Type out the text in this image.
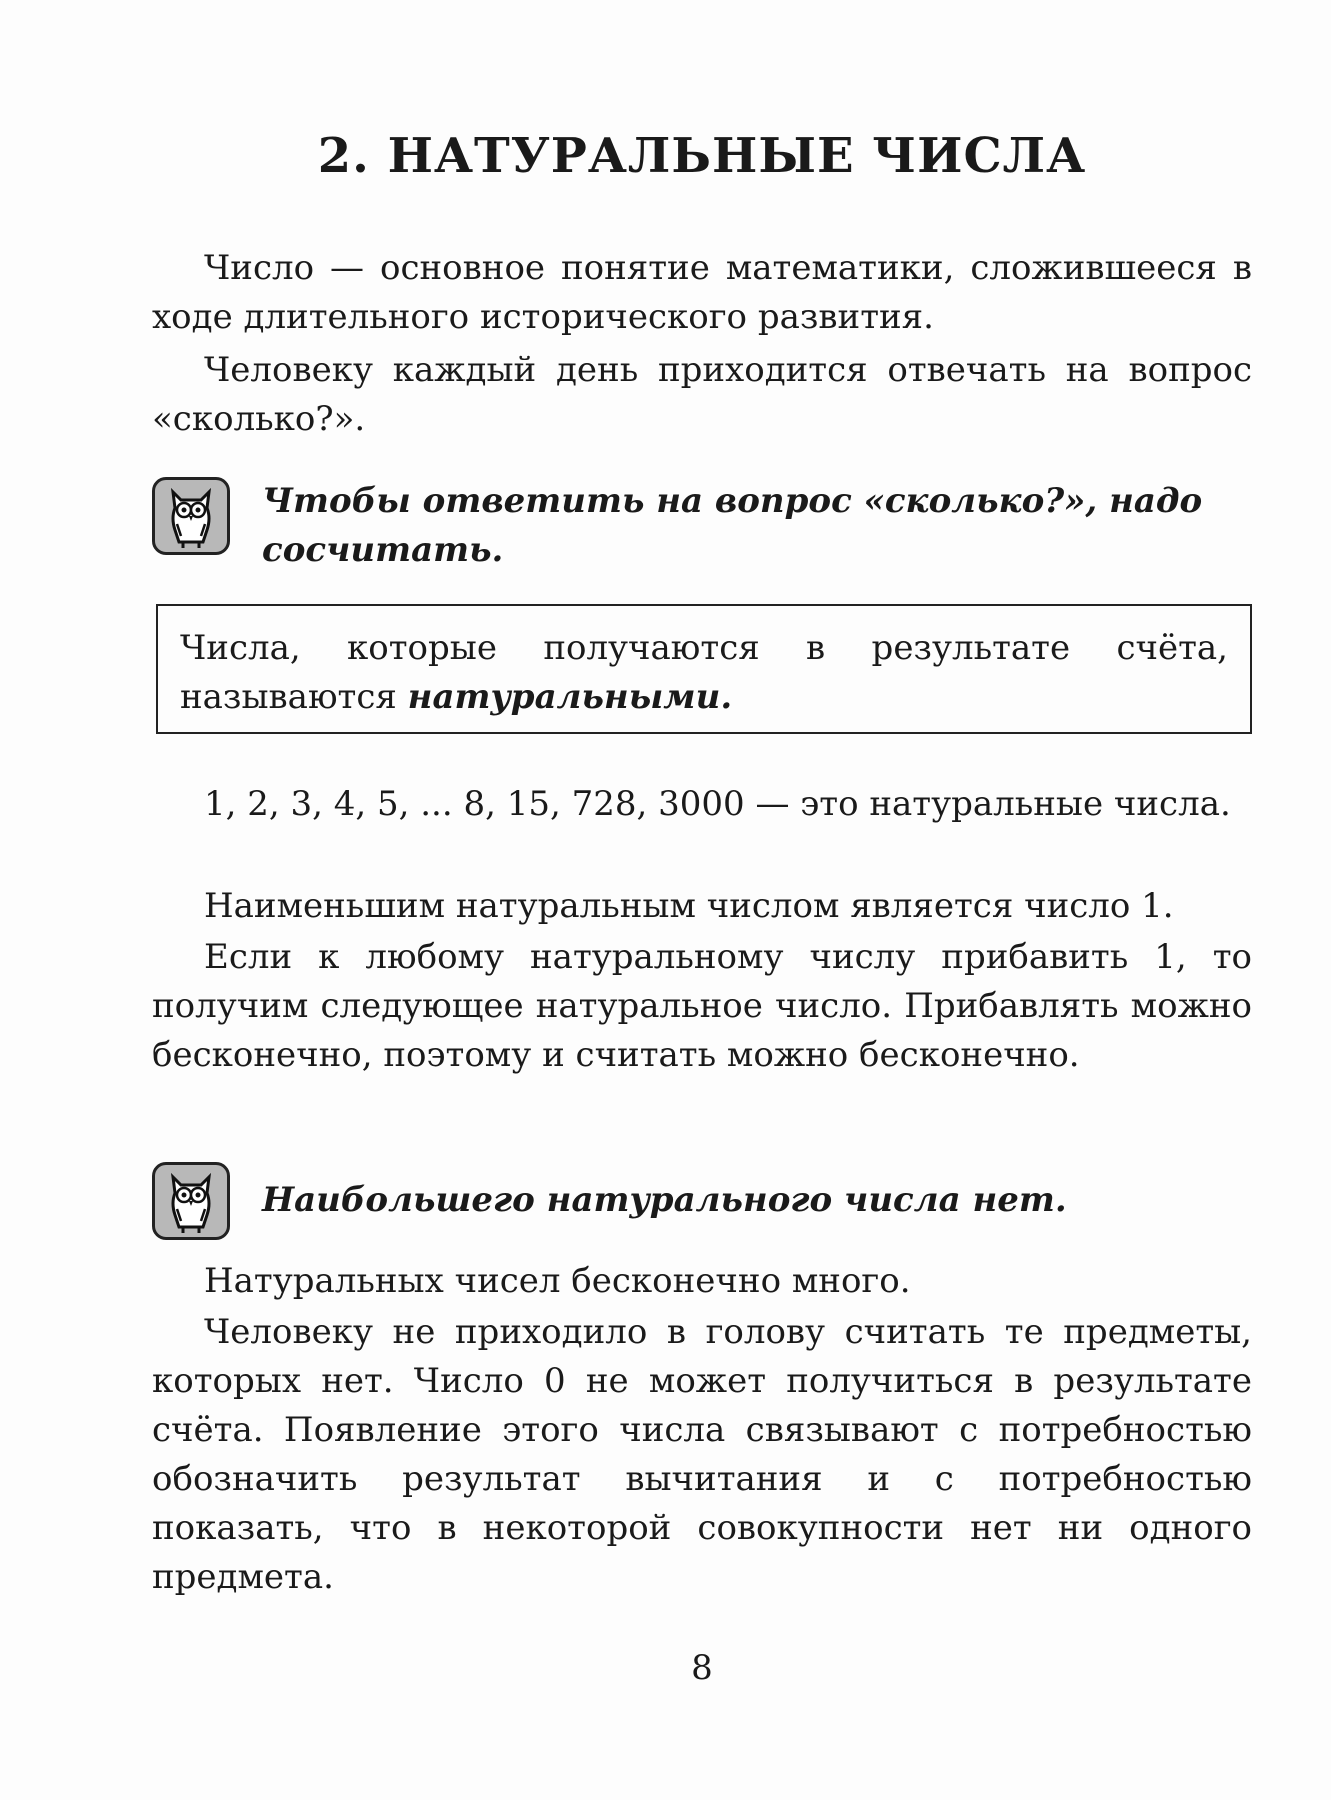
2. НАТУРАЛЬНЫЕ ЧИСЛА
Число — основное понятие математики, сложившееся в ходе длительного исторического развития.
Человеку каждый день приходится отвечать на вопрос «сколько?».
Чтобы ответить на вопрос «сколько?», надо сосчитать.
Числа, которые получаются в результате счёта, называются натуральными.
1, 2, 3, 4, 5, ... 8, 15, 728, 3000 — это натуральные числа.
Наименьшим натуральным числом является число 1.
Если к любому натуральному числу прибавить 1, то получим следующее натуральное число. Прибавлять можно бесконечно, поэтому и считать можно бесконечно.
Наибольшего натурального числа нет.
Натуральных чисел бесконечно много.
Человеку не приходило в голову считать те предметы, которых нет. Число 0 не может получиться в результате счёта. Появление этого числа связывают с потребностью обозначить результат вычитания и с потребностью показать, что в некоторой совокупности нет ни одного предмета.
8
